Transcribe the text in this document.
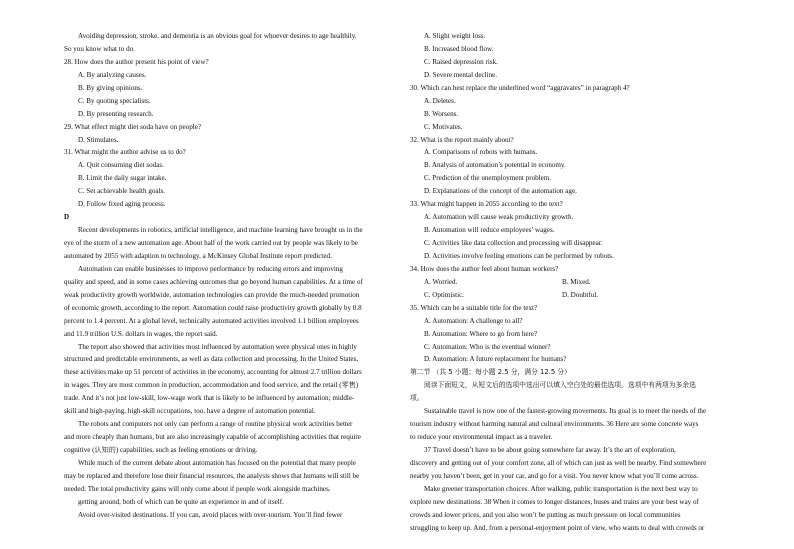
Avoiding depression, stroke, and dementia is an obvious goal for whoever desires to age healthily.
So you know what to do.
28. How does the author present his point of view?
A. By analyzing causes.
B. By giving opinions.
C. By quoting specialists.
D. By presenting research.
29. What effect might diet soda have on people?
D. Stimulates.
31. What might the author advise us to do?
A. Quit consuming diet sodas.
B. Limit the daily sugar intake.
C. Set achievable health goals.
D. Follow fixed aging process.
D
Recent developments in robotics, artificial intelligence, and machine learning have brought us in the
eye of the storm of a new automation age. About half of the work carried out by people was likely to be
automated by 2055 with adaption to technology, a McKinsey Global Institute report predicted.
Automation can enable businesses to improve performance by reducing errors and improving
quality and speed, and in some cases achieving outcomes that go beyond human capabilities. At a time of
weak productivity growth worldwide, automation technologies can provide the much-needed promotion
of economic growth, according to the report. Automation could raise productivity growth globally by 0.8
percent to 1.4 percent. At a global level, technically automated activities involved 1.1 billion employees
and 11.9 trillion U.S. dollars in wages, the report said.
The report also showed that activities most influenced by automation were physical ones in highly
structured and predictable environments, as well as data collection and processing. In the United States,
these activities make up 51 percent of activities in the economy, accounting for almost 2.7 trillion dollars
in wages. They are most common in production, accommodation and food service, and the retail (零售)
trade. And it’s not just low-skill, low-wage work that is likely to be influenced by automation; middle-
skill and high-paying, high-skill occupations, too, have a degree of automation potential.
The robots and computers not only can perform a range of routine physical work activities better
and more cheaply than humans, but are also increasingly capable of accomplishing activities that require
cognitive (认知的) capabilities, such as feeling emotions or driving.
While much of the current debate about automation has focused on the potential that many people
may be replaced and therefore lose their financial resources, the analysis shows that humans will still be
needed: The total productivity gains will only come about if people work alongside machines.
getting around, both of which can be quite an experience in and of itself.
Avoid over-visited destinations. If you can, avoid places with over-tourism. You’ll find fewer
A. Slight weight loss.
B. Increased blood flow.
C. Raised depression risk.
D. Severe mental decline.
30. Which can best replace the underlined word “aggravates” in paragraph 4?
A. Deletes.
B. Worsens.
C. Motivates.
32. What is the report mainly about?
A. Comparisons of robots with humans.
B. Analysis of automation’s potential in economy.
C. Prediction of the unemployment problem.
D. Explanations of the concept of the automation age.
33. What might happen in 2055 according to the text?
A. Automation will cause weak productivity growth.
B. Automation will reduce employees’ wages.
C. Activities like data collection and processing will disappear.
D. Activities involve feeling emotions can be performed by robots.
34. How does the author feel about human workers?
A. Worried.	B. Mixed.
C. Optimistic.	D. Doubtful.
35. Which can be a suitable title for the text?
A. Automation: A challenge to all?
B. Automation: Where to go from here?
C. Automation: Who is the eventual winner?
D. Automation: A future replacement for humans?
第二节 （共 5 小题；每小题 2.5 分，满分 12.5 分）
阅读下面短文，从短文后的选项中选出可以填入空白处的最佳选项。选项中有两项为多余选
项。
Sustainable travel is now one of the fastest-growing movements. Its goal is to meet the needs of the
tourism industry without harming natural and cultural environments. 36 Here are some concrete ways
to reduce your environmental impact as a traveler.
37 Travel doesn’t have to be about going somewhere far away. It’s the art of exploration,
discovery and getting out of your comfort zone, all of which can just as well be nearby. Find somewhere
nearby you haven’t been, get in your car, and go for a visit. You never know what you’ll come across.
Make greener transportation choices. After walking, public transportation is the next best way to
explore new destinations. 38 When it comes to longer distances, buses and trains are your best way of
crowds and lower prices, and you also won’t be putting as much pressure on local communities
struggling to keep up. And, from a personal-enjoyment point of view, who wants to deal with crowds or
